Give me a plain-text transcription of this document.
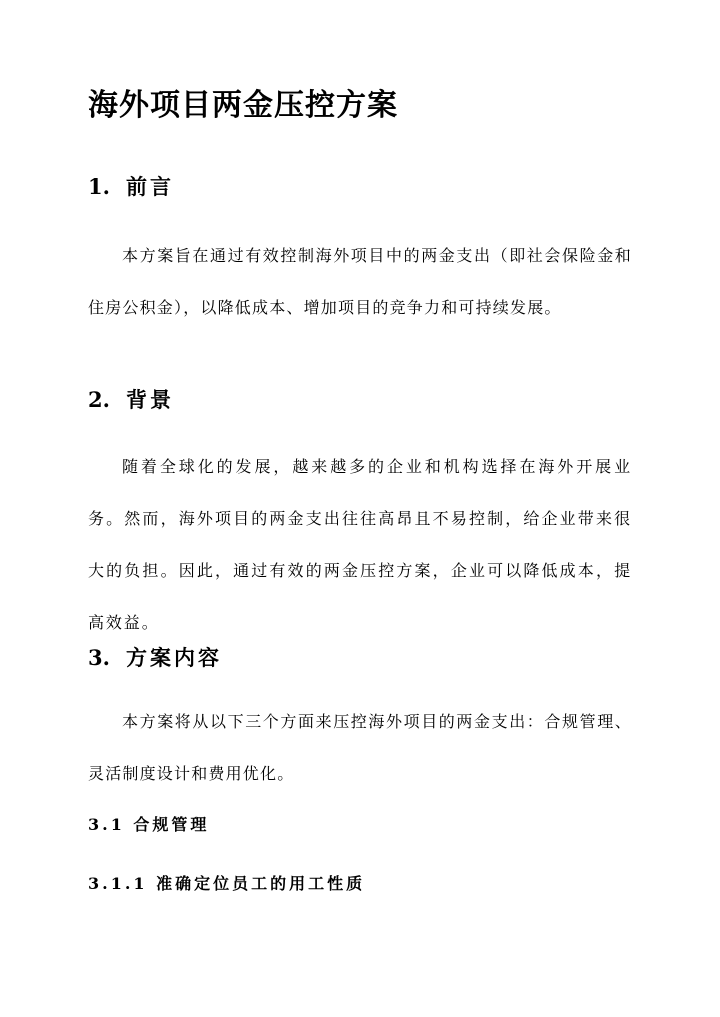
海外项目两金压控方案
1. 前言

本方案旨在通过有效控制海外项目中的两金支出（即社会保险金和住房公积金），以降低成本、增加项目的竞争力和可持续发展。

2. 背景

随着全球化的发展，越来越多的企业和机构选择在海外开展业务。然而，海外项目的两金支出往往高昂且不易控制，给企业带来很大的负担。因此，通过有效的两金压控方案，企业可以降低成本，提高效益。

3. 方案内容

本方案将从以下三个方面来压控海外项目的两金支出：合规管理、灵活制度设计和费用优化。

3.1 合规管理
3.1.1 准确定位员工的用工性质
